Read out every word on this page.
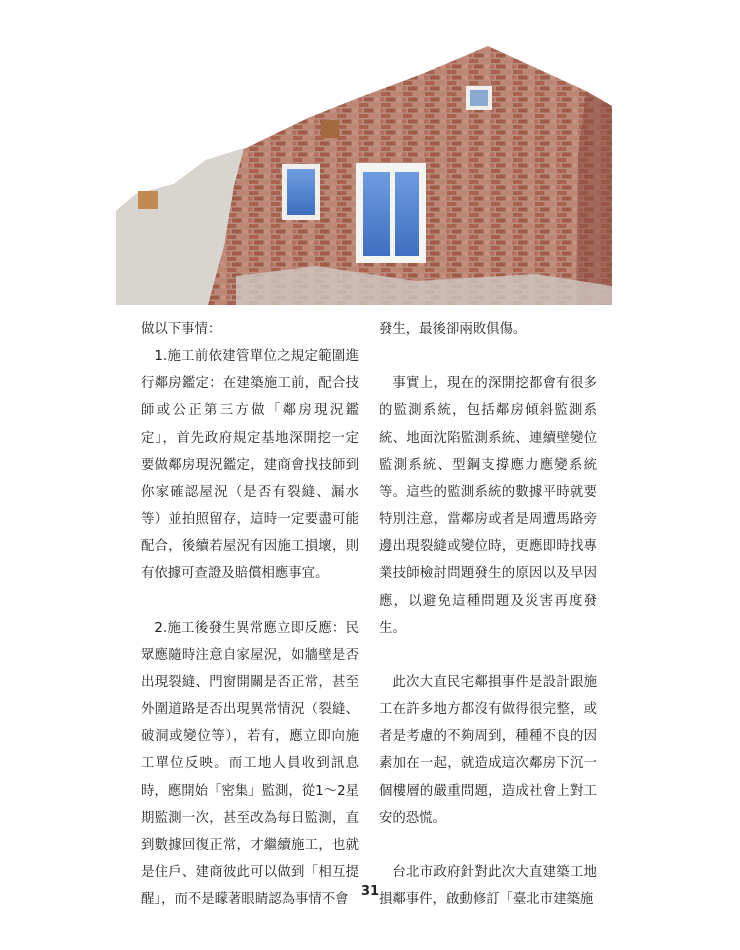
做以下事情：

1.施工前依建管單位之規定範圍進行鄰房鑑定：在建築施工前，配合技師或公正第三方做「鄰房現況鑑定」，首先政府規定基地深開挖一定要做鄰房現況鑑定，建商會找技師到你家確認屋況（是否有裂縫、漏水等）並拍照留存，這時一定要盡可能配合，後續若屋況有因施工損壞，則有依據可查證及賠償相應事宜。

2.施工後發生異常應立即反應：民眾應隨時注意自家屋況，如牆壁是否出現裂縫、門窗開關是否正常，甚至外圍道路是否出現異常情況（裂縫、破洞或變位等），若有，應立即向施工單位反映。而工地人員收到訊息時，應開始「密集」監測，從1～2星期監測一次，甚至改為每日監測，直到數據回復正常，才繼續施工，也就是住戶、建商彼此可以做到「相互提醒」，而不是矇著眼睛認為事情不會

發生，最後卻兩敗俱傷。

事實上，現在的深開挖都會有很多的監測系統，包括鄰房傾斜監測系統、地面沈陷監測系統、連續壁變位監測系統、型鋼支撐應力應變系統等。這些的監測系統的數據平時就要特別注意，當鄰房或者是周遭馬路旁邊出現裂縫或變位時，更應即時找專業技師檢討問題發生的原因以及早因應，以避免這種問題及災害再度發生。

此次大直民宅鄰損事件是設計跟施工在許多地方都沒有做得很完整，或者是考慮的不夠周到，種種不良的因素加在一起，就造成這次鄰房下沉一個樓層的嚴重問題，造成社會上對工安的恐慌。

台北市政府針對此次大直建築工地損鄰事件，啟動修訂「臺北市建築施

31
